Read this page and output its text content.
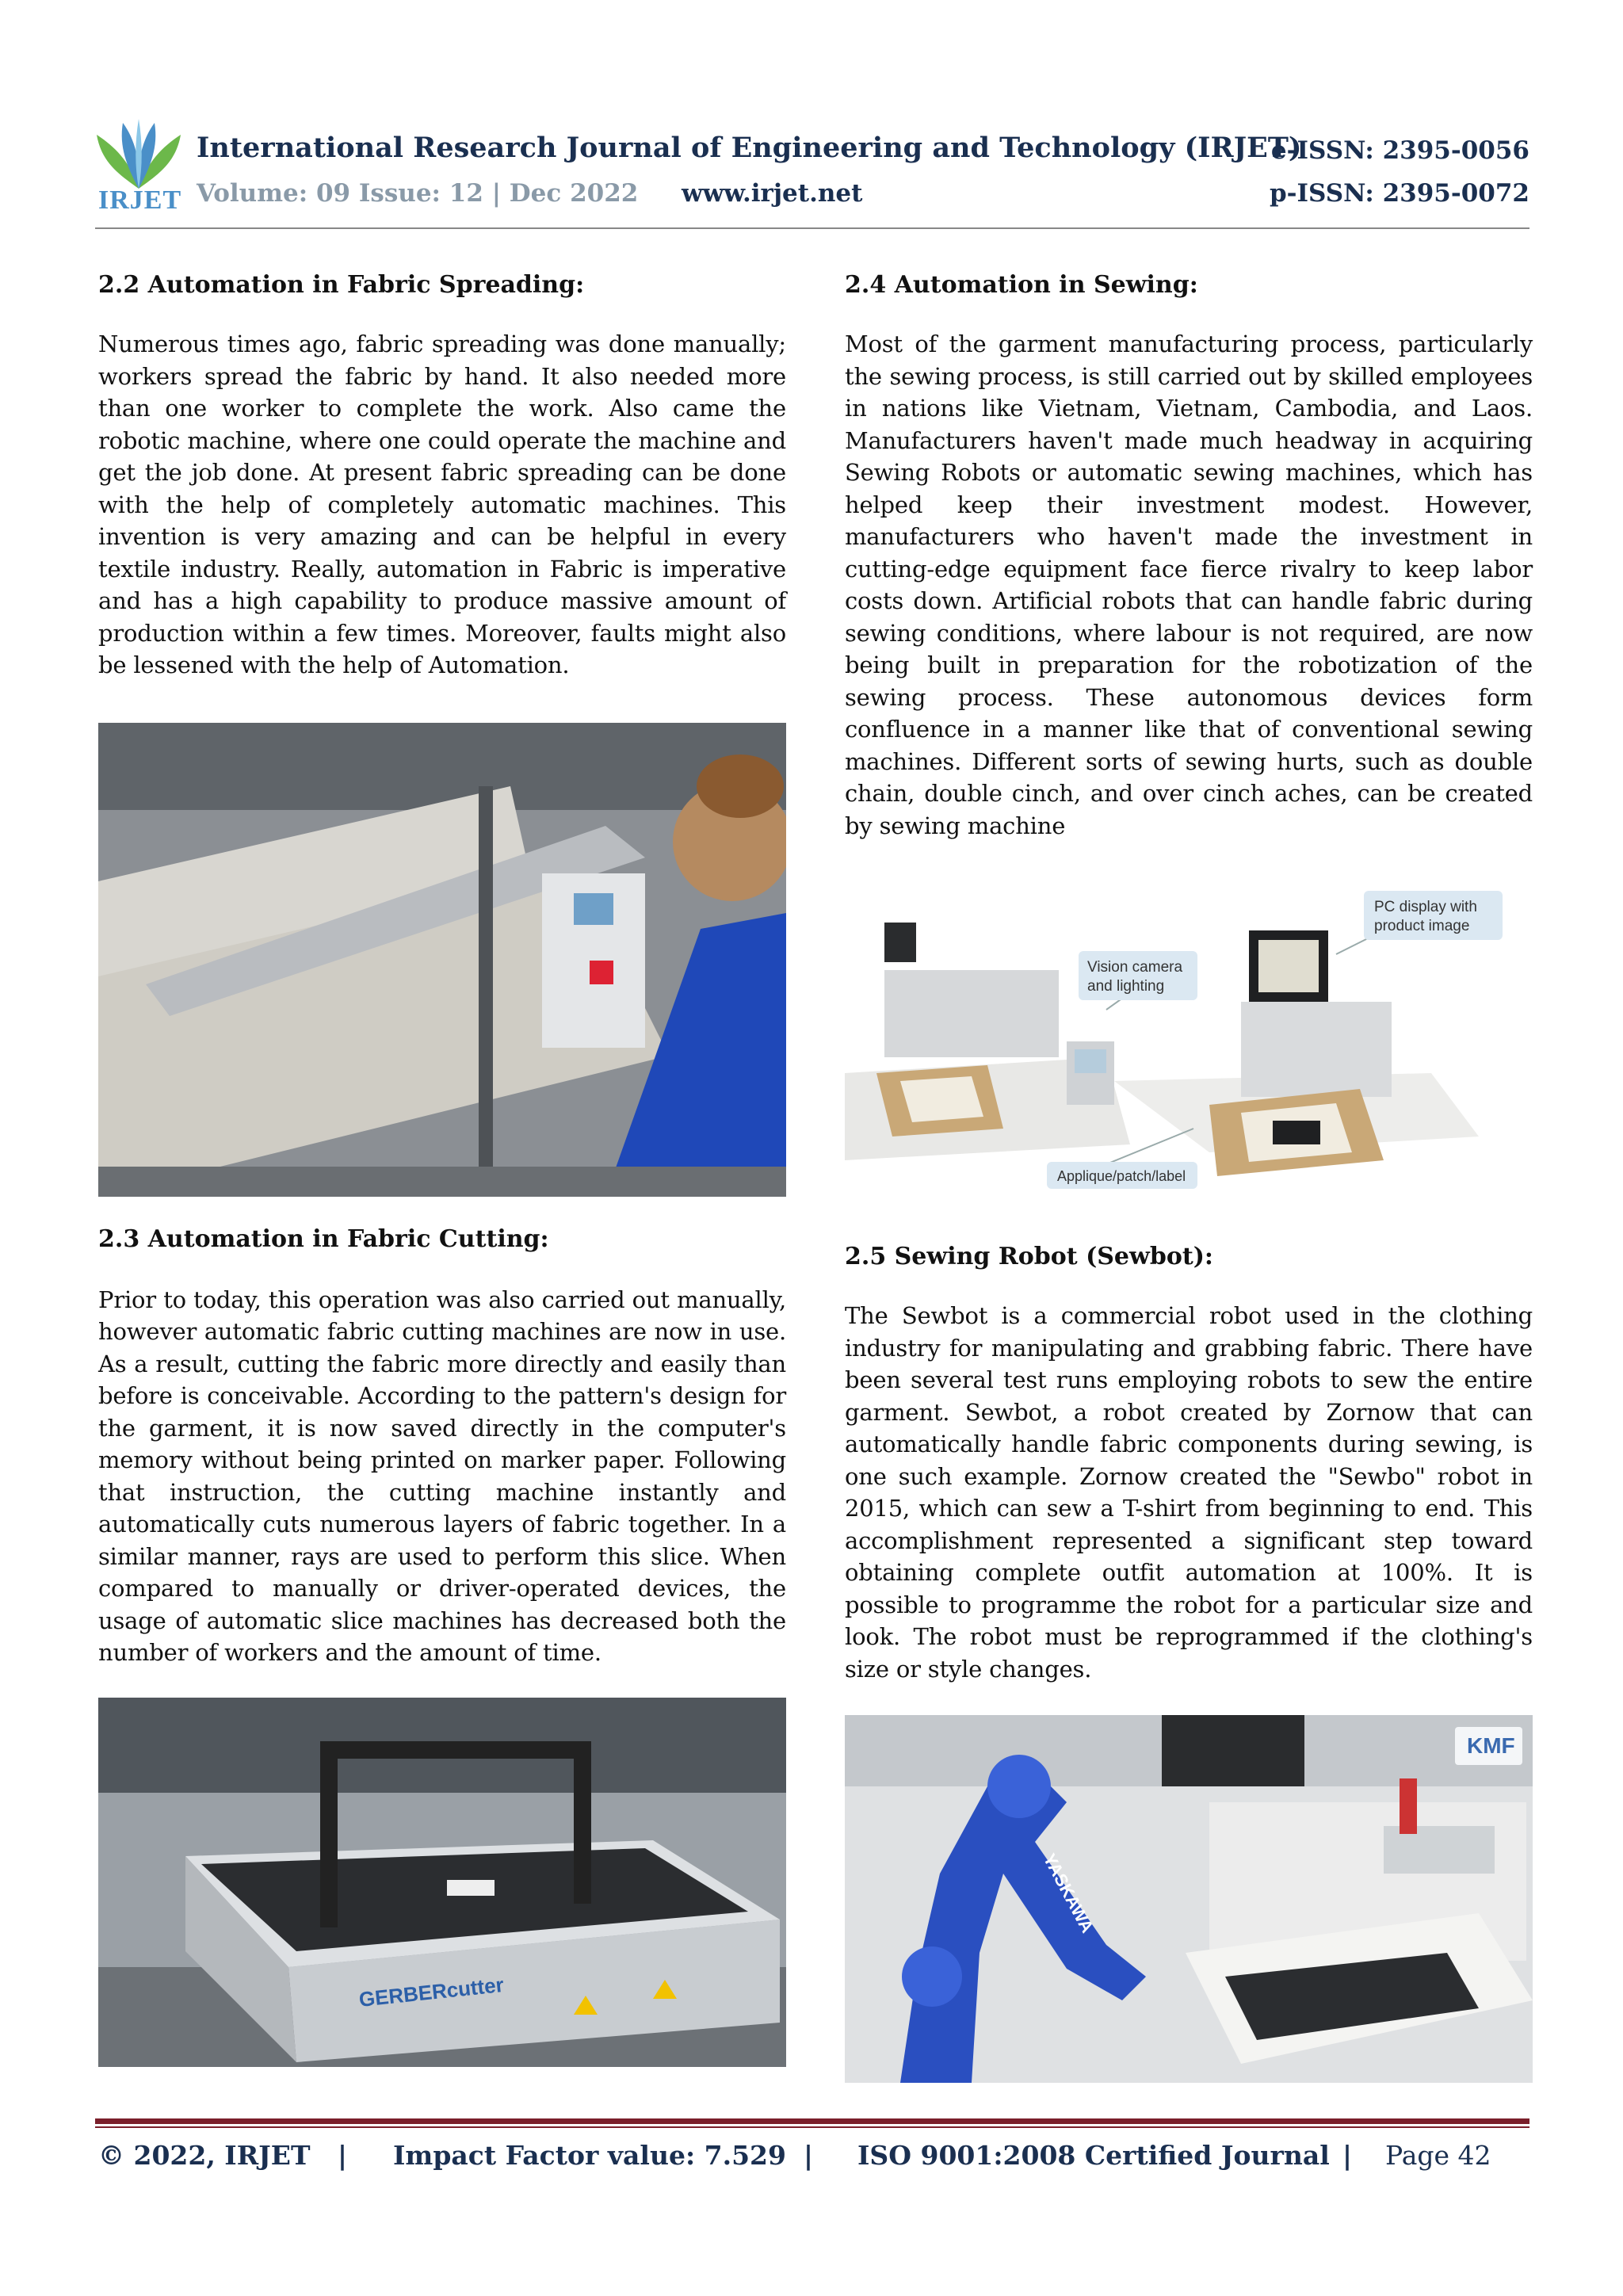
IRJET
International Research Journal of Engineering and Technology (IRJET)
e-ISSN: 2395-0056
Volume: 09 Issue: 12 | Dec 2022 www.irjet.net	p-ISSN: 2395-0072
2.2 Automation in Fabric Spreading:

Numerous times ago, fabric spreading was done manually; workers spread the fabric by hand. It also needed more than one worker to complete the work. Also came the robotic machine, where one could operate the machine and get the job done. At present fabric spreading can be done with the help of completely automatic machines. This invention is very amazing and can be helpful in every textile industry. Really, automation in Fabric is imperative and has a high capability to produce massive amount of production within a few times. Moreover, faults might also be lessened with the help of Automation.

2.3 Automation in Fabric Cutting:

Prior to today, this operation was also carried out manually, however automatic fabric cutting machines are now in use. As a result, cutting the fabric more directly and easily than before is conceivable. According to the pattern's design for the garment, it is now saved directly in the computer's memory without being printed on marker paper. Following that instruction, the cutting machine instantly and automatically cuts numerous layers of fabric together. In a similar manner, rays are used to perform this slice. When compared to manually or driver-operated devices, the usage of automatic slice machines has decreased both the number of workers and the amount of time.

GERBERcutter
2.4 Automation in Sewing:

Most of the garment manufacturing process, particularly the sewing process, is still carried out by skilled employees in nations like Vietnam, Vietnam, Cambodia, and Laos. Manufacturers haven't made much headway in acquiring Sewing Robots or automatic sewing machines, which has helped keep their investment modest. However, manufacturers who haven't made the investment in cutting-edge equipment face fierce rivalry to keep labor costs down. Artificial robots that can handle fabric during sewing conditions, where labour is not required, are now being built in preparation for the robotization of the sewing process. These autonomous devices form confluence in a manner like that of conventional sewing machines. Different sorts of sewing hurts, such as double chain, double cinch, and over cinch aches, can be created by sewing machine

PC display with
product image
Vision camera
and lighting
Applique/patch/label
2.5 Sewing Robot (Sewbot):

The Sewbot is a commercial robot used in the clothing industry for manipulating and grabbing fabric. There have been several test runs employing robots to sew the entire garment. Sewbot, a robot created by Zornow that can automatically handle fabric components during sewing, is one such example. Zornow created the "Sewbo" robot in 2015, which can sew a T-shirt from beginning to end. This accomplishment represented a significant step toward obtaining complete outfit automation at 100%. It is possible to programme the robot for a particular size and look. The robot must be reprogrammed if the clothing's size or style changes.

YASKAWA
KMF
© 2022, IRJET | Impact Factor value: 7.529 | ISO 9001:2008 Certified Journal | Page 42
